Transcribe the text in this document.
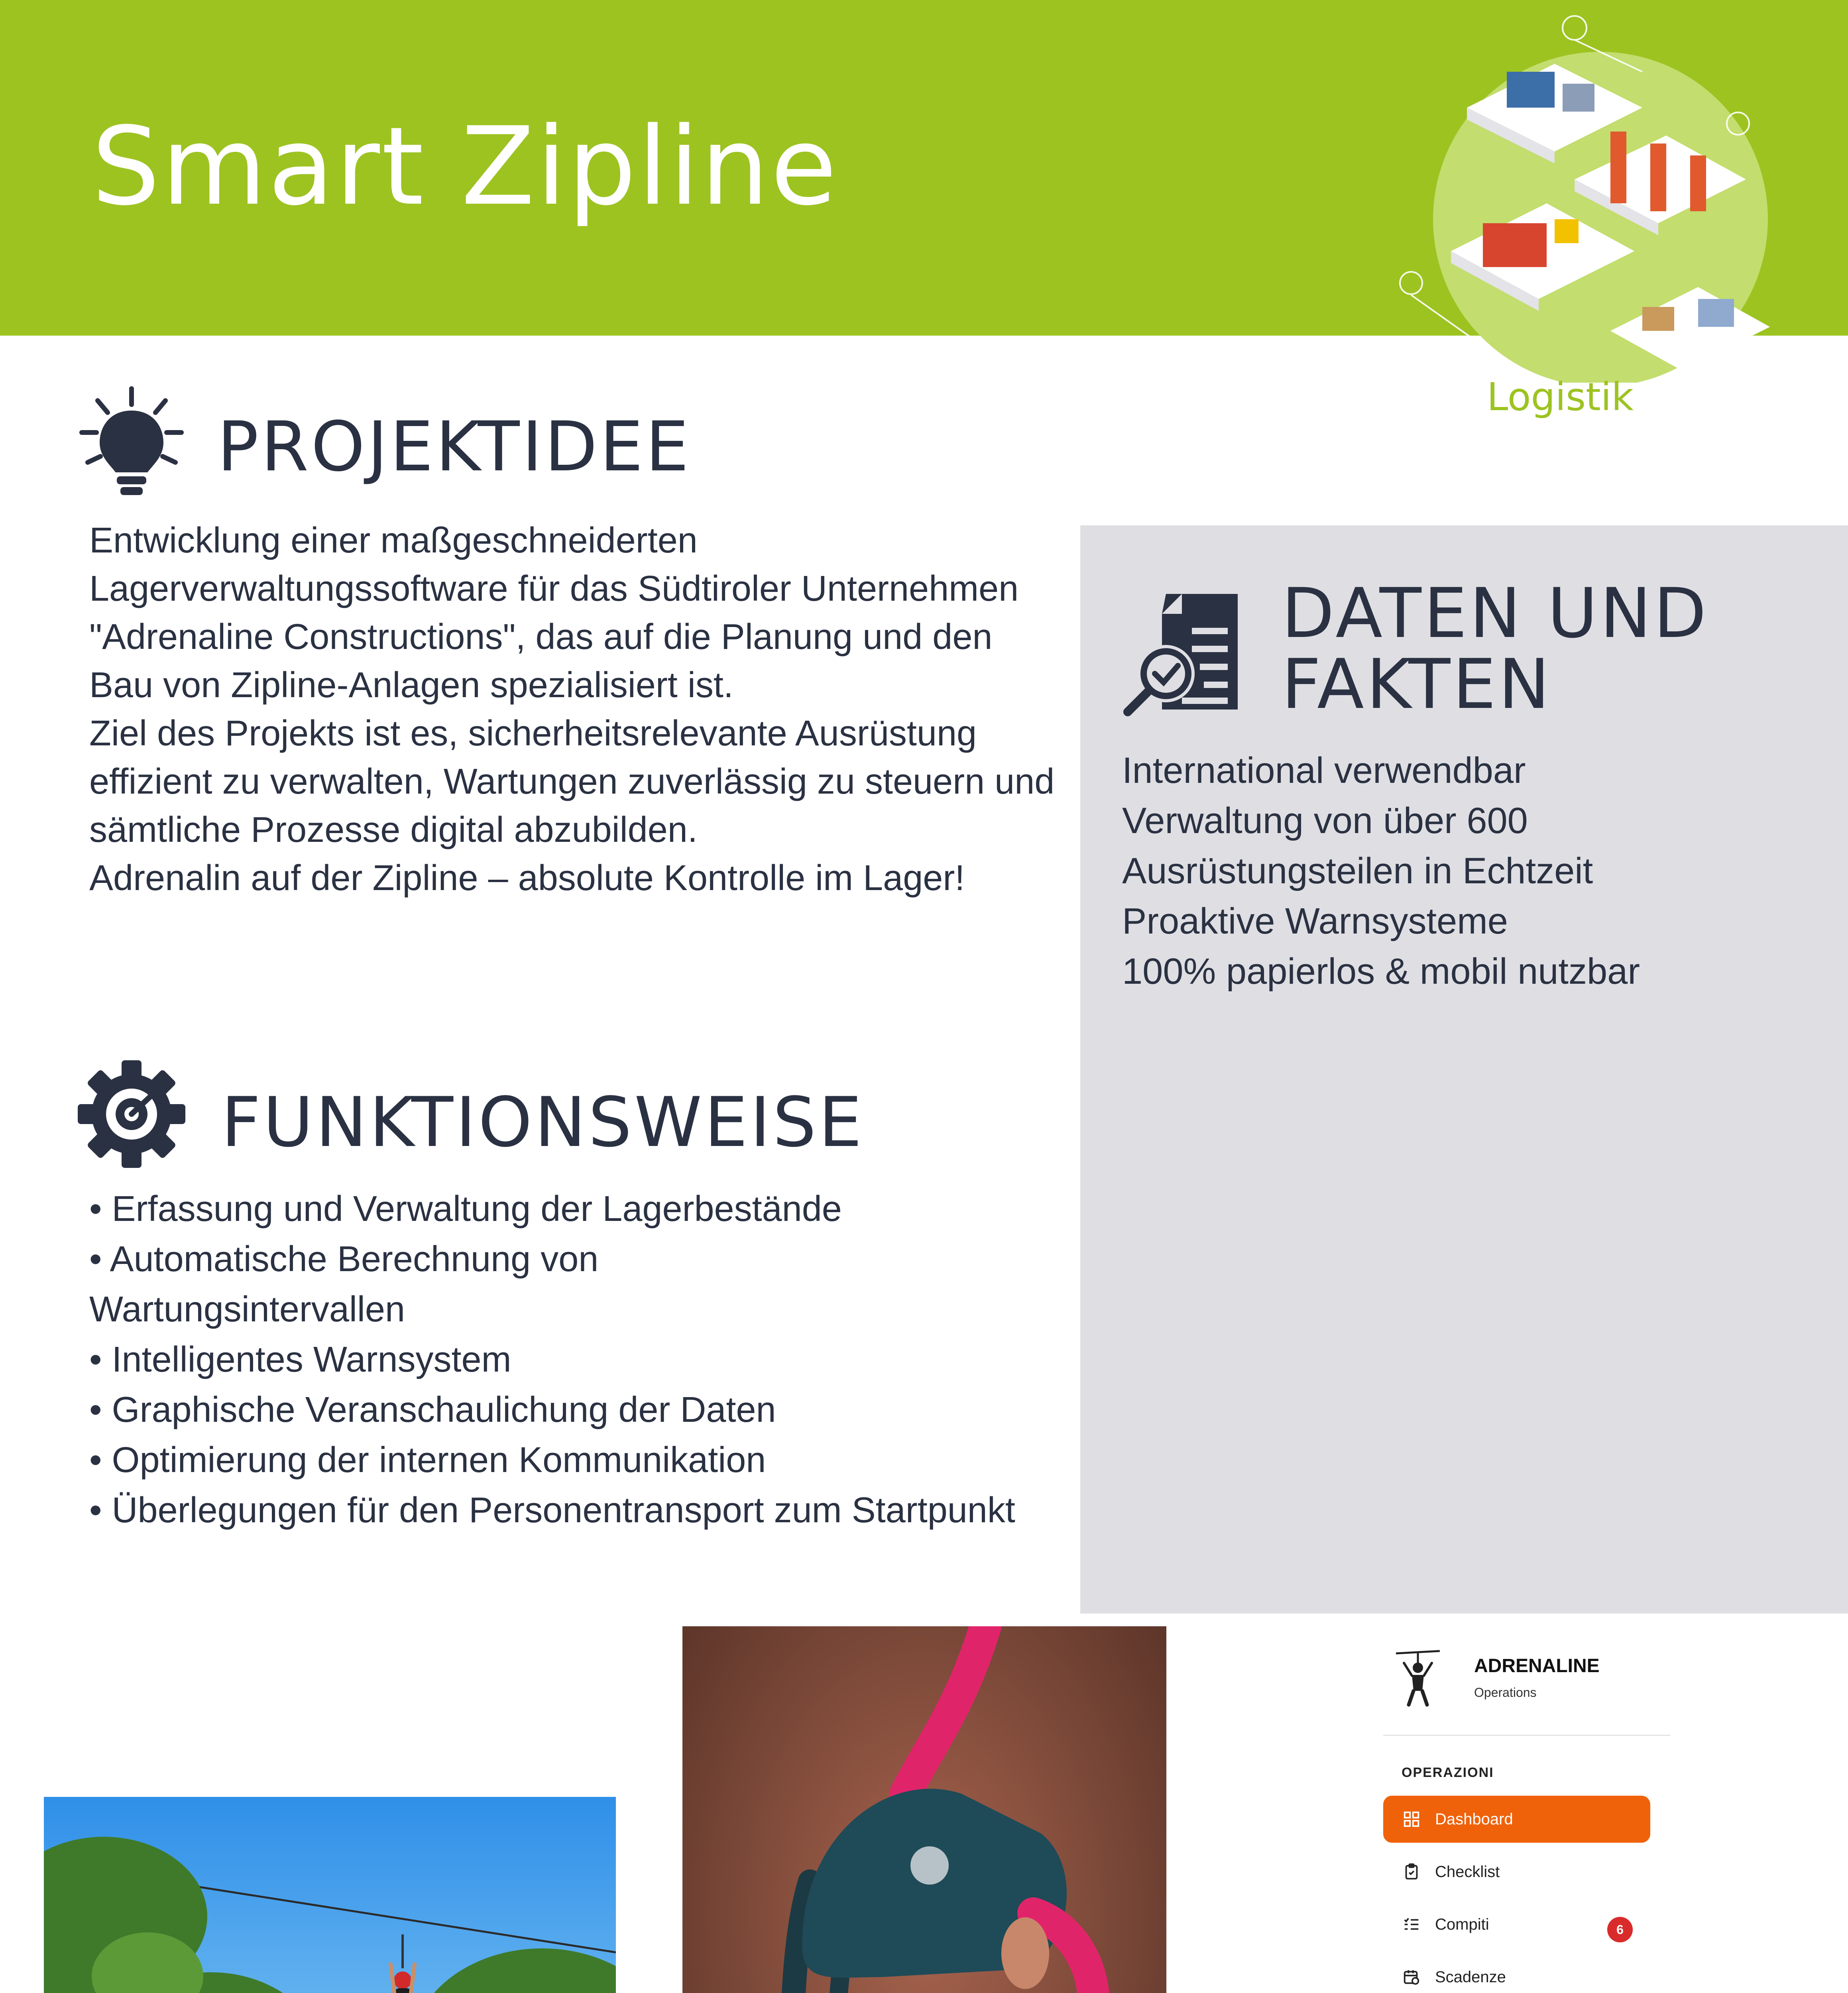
Smart Zipline
Logistik
PROJEKTIDEE

Entwicklung einer maßgeschneiderten Lagerverwaltungssoftware für das Südtiroler Unternehmen "Adrenaline Constructions", das auf die Planung und den Bau von Zipline-Anlagen spezialisiert ist.

Ziel des Projekts ist es, sicherheitsrelevante Ausrüstung effizient zu verwalten, Wartungen zuverlässig zu steuern und sämtliche Prozesse digital abzubilden.

Adrenalin auf der Zipline – absolute Kontrolle im Lager!

FUNKTIONSWEISE

• Erfassung und Verwaltung der Lagerbestände

• Automatische Berechnung von Wartungsintervallen

• Intelligentes Warnsystem

• Graphische Veranschaulichung der Daten

• Optimierung der internen Kommunikation

• Überlegungen für den Personentransport zum Startpunkt

DATEN UND
FAKTEN

International verwendbar

Verwaltung von über 600 Ausrüstungsteilen in Echtzeit

Proaktive Warnsysteme

100% papierlos & mobil nutzbar

ADRENALINE
Operations
OPERAZIONI
Dashboard
Checklist
Compiti	6
Scadenze
